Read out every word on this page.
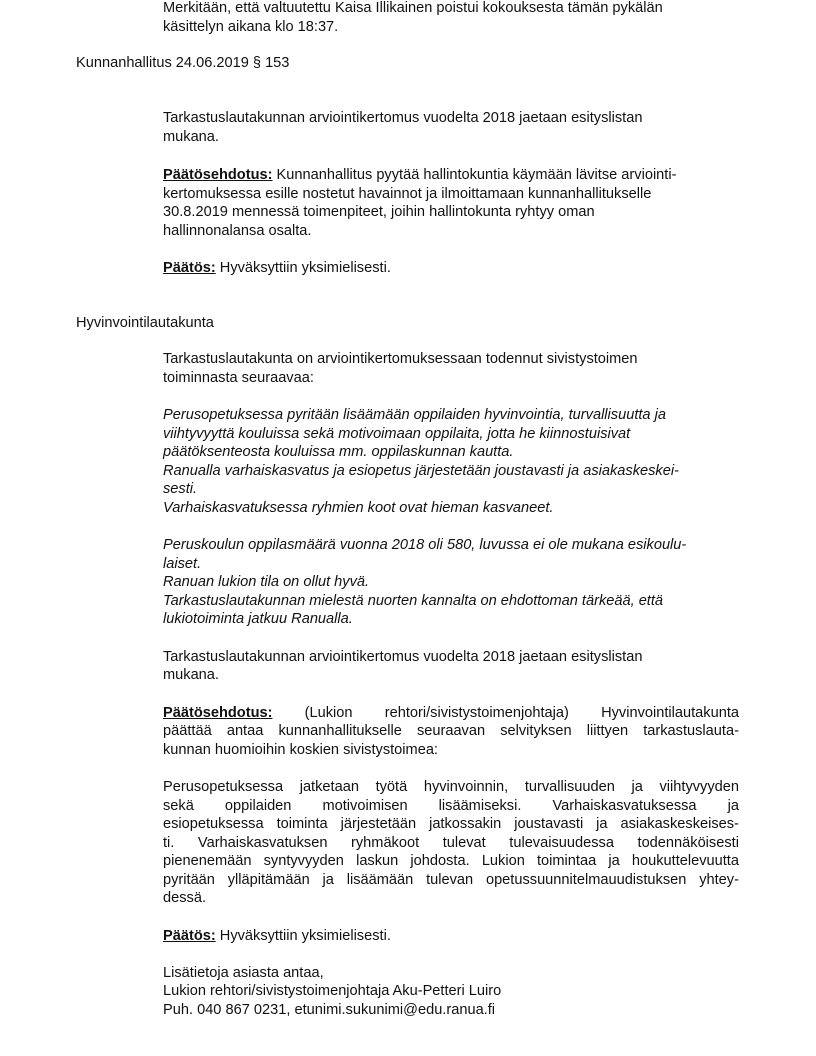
Merkitään, että valtuutettu Kaisa Illikainen poistui kokouksesta tämän pykälän
käsittelyn aikana klo 18:37.
Kunnanhallitus 24.06.2019 § 153
Tarkastuslautakunnan arviointikertomus vuodelta 2018 jaetaan esityslistan
mukana.
Päätösehdotus: Kunnanhallitus pyytää hallintokuntia käymään lävitse arviointi-
kertomuksessa esille nostetut havainnot ja ilmoittamaan kunnanhallitukselle
30.8.2019 mennessä toimenpiteet, joihin hallintokunta ryhtyy oman
hallinnonalansa osalta.
Päätös: Hyväksyttiin yksimielisesti.
Hyvinvointilautakunta
Tarkastuslautakunta on arviointikertomuksessaan todennut sivistystoimen
toiminnasta seuraavaa:
Perusopetuksessa pyritään lisäämään oppilaiden hyvinvointia, turvallisuutta ja
viihtyvyyttä kouluissa sekä motivoimaan oppilaita, jotta he kiinnostuisivat
päätöksenteosta kouluissa mm. oppilaskunnan kautta.
Ranualla varhaiskasvatus ja esiopetus järjestetään joustavasti ja asiakaskeskei-
sesti.
Varhaiskasvatuksessa ryhmien koot ovat hieman kasvaneet.
Peruskoulun oppilasmäärä vuonna 2018 oli 580, luvussa ei ole mukana esikoulu-
laiset.
Ranuan lukion tila on ollut hyvä.
Tarkastuslautakunnan mielestä nuorten kannalta on ehdottoman tärkeää, että
lukiotoiminta jatkuu Ranualla.
Tarkastuslautakunnan arviointikertomus vuodelta 2018 jaetaan esityslistan
mukana.
Päätösehdotus: (Lukion rehtori/sivistystoimenjohtaja) Hyvinvointilautakunta
päättää antaa kunnanhallitukselle seuraavan selvityksen liittyen tarkastuslauta-
kunnan huomioihin koskien sivistystoimea:
Perusopetuksessa jatketaan työtä hyvinvoinnin, turvallisuuden ja viihtyvyyden
sekä oppilaiden motivoimisen lisäämiseksi. Varhaiskasvatuksessa ja
esiopetuksessa toiminta järjestetään jatkossakin joustavasti ja asiakaskeskeises-
ti. Varhaiskasvatuksen ryhmäkoot tulevat tulevaisuudessa todennäköisesti
pienenemään syntyvyyden laskun johdosta. Lukion toimintaa ja houkuttelevuutta
pyritään ylläpitämään ja lisäämään tulevan opetussuunnitelmauudistuksen yhtey-
dessä.
Päätös: Hyväksyttiin yksimielisesti.
Lisätietoja asiasta antaa,
Lukion rehtori/sivistystoimenjohtaja Aku-Petteri Luiro
Puh. 040 867 0231, etunimi.sukunimi@edu.ranua.fi
